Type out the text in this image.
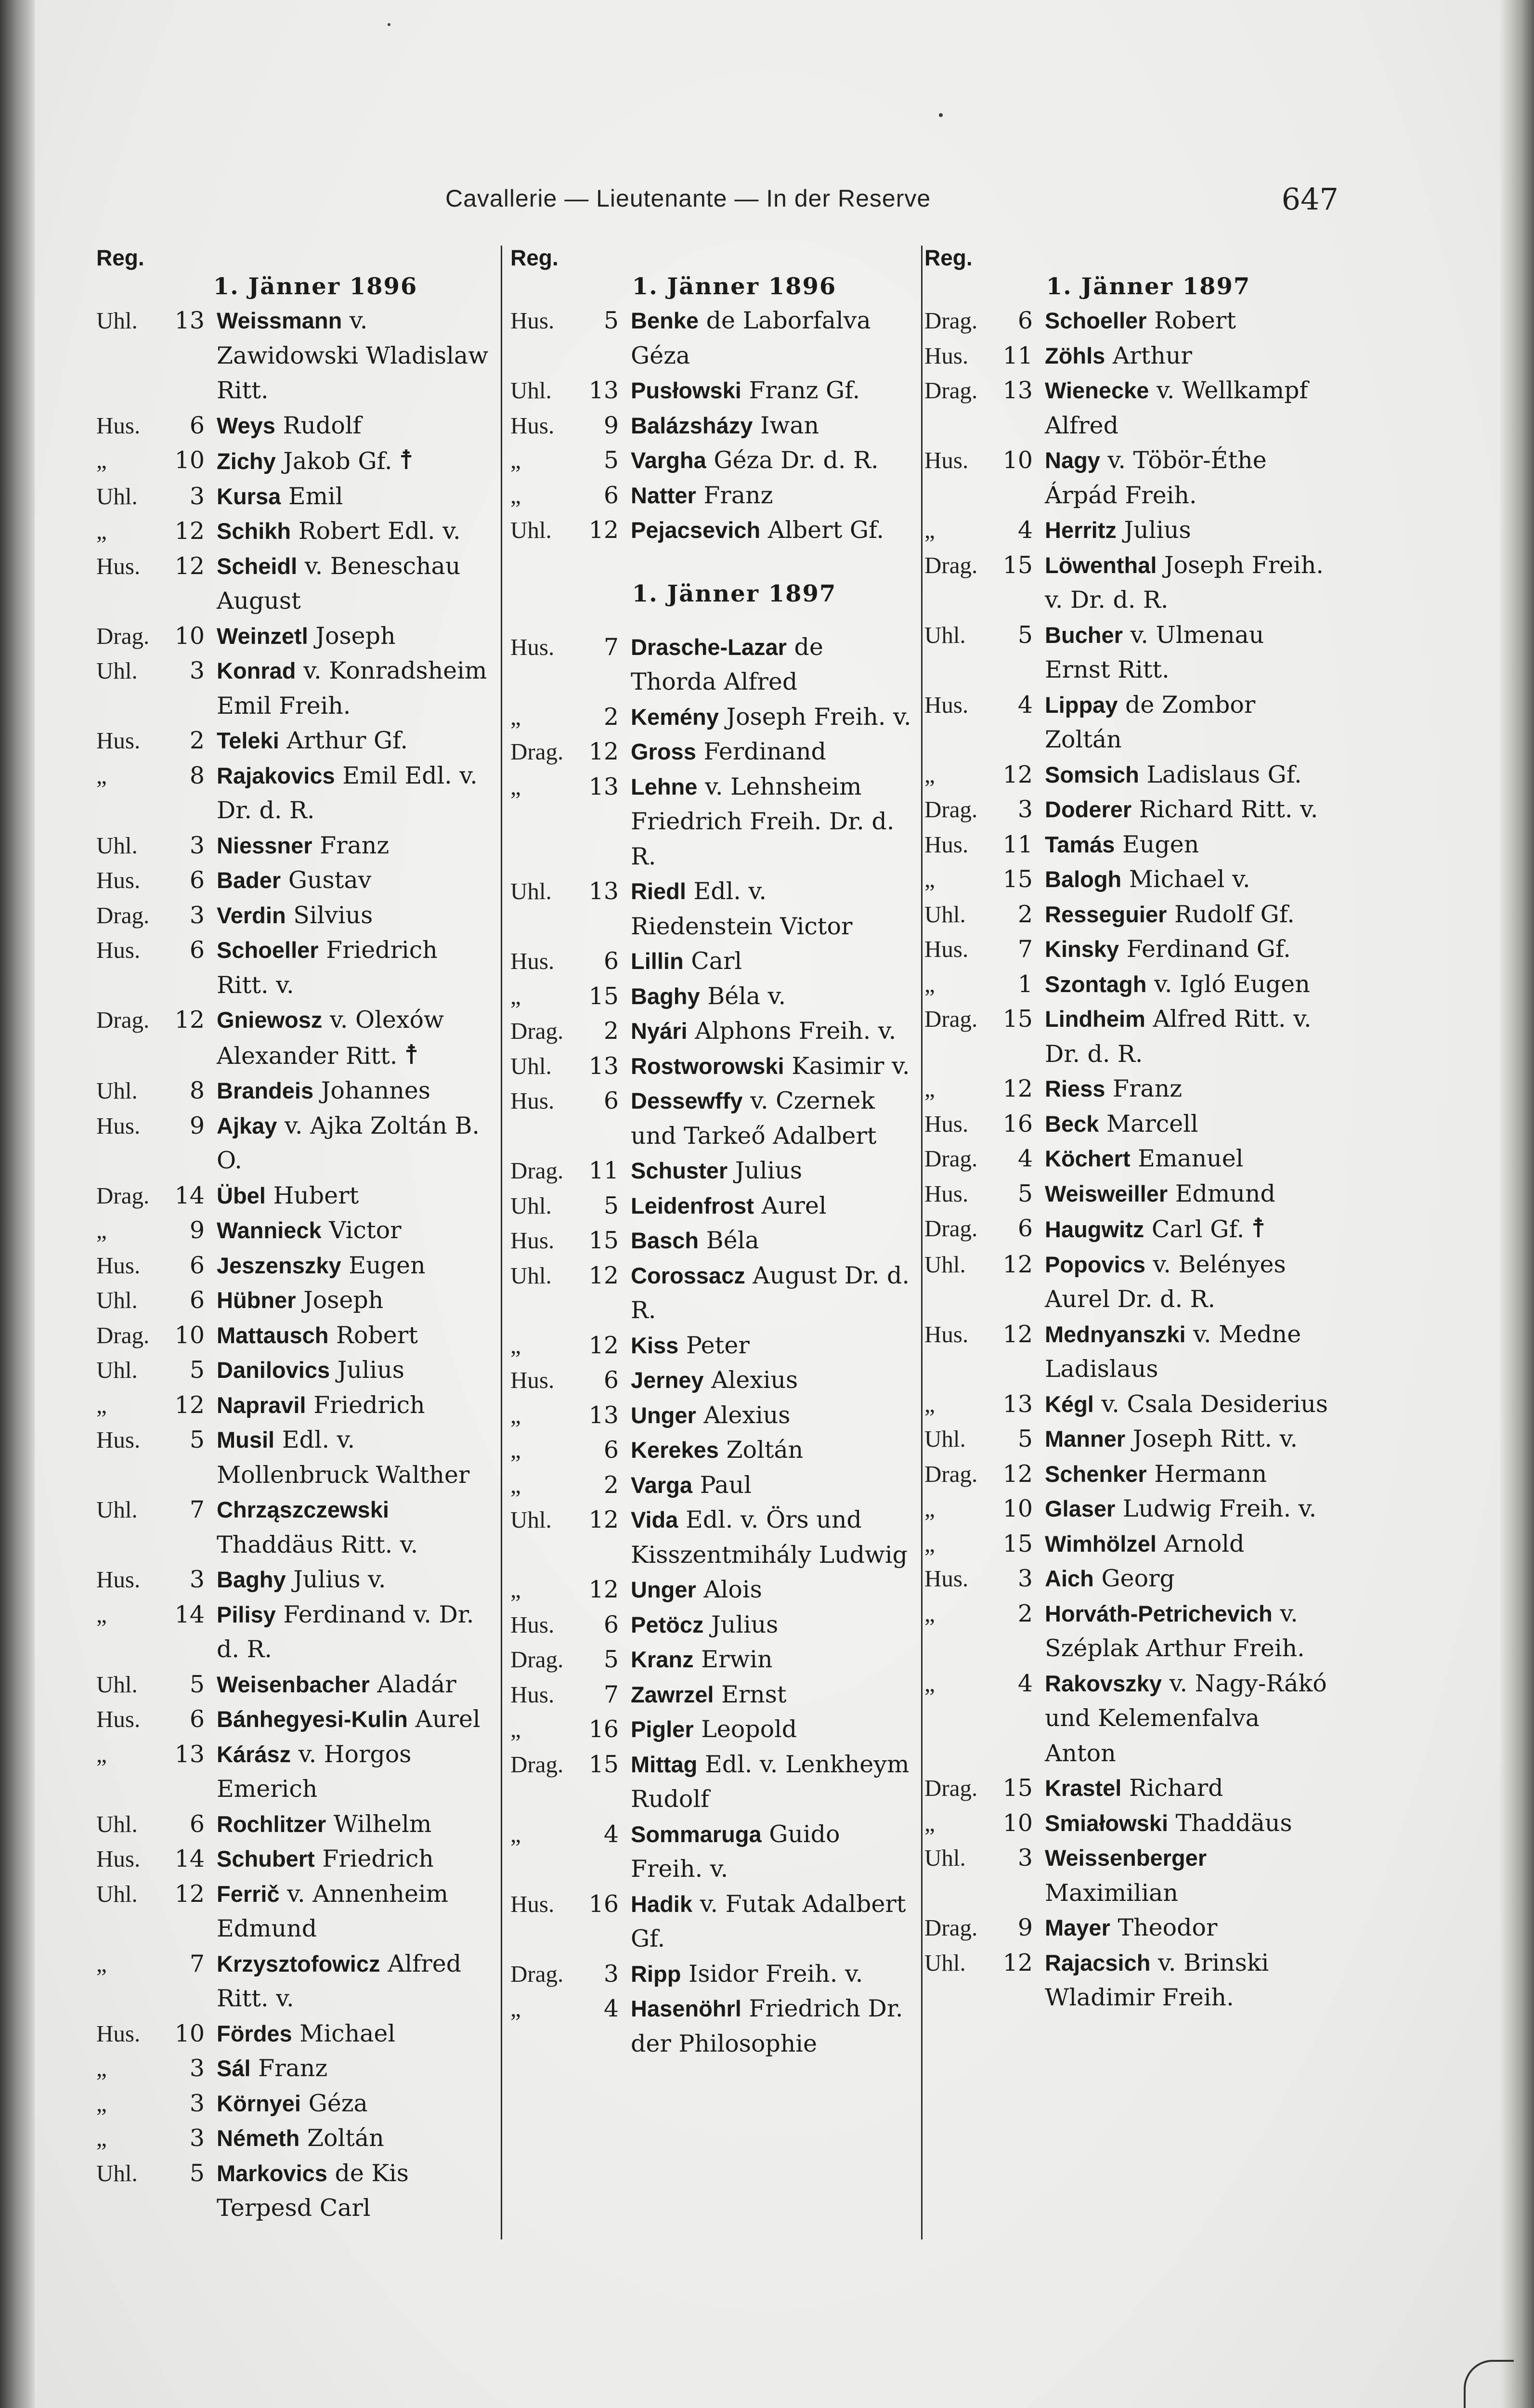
Cavallerie — Lieutenante — In der Reserve	647
Reg.
1. Jänner 1896
Uhl.	13 Weissmann v. Zawidowski Wladislaw Ritt.
Hus.	6 Weys Rudolf
„	10 Zichy Jakob Gf. ☨
Uhl.	3 Kursa Emil
„	12 Schikh Robert Edl. v.
Hus.	12 Scheidl v. Beneschau August
Drag.	10 Weinzetl Joseph
Uhl.	3 Konrad v. Konradsheim Emil Freih.
Hus.	2 Teleki Arthur Gf.
„	8 Rajakovics Emil Edl. v. Dr. d. R.
Uhl.	3 Niessner Franz
Hus.	6 Bader Gustav
Drag.	3 Verdin Silvius
Hus.	6 Schoeller Friedrich Ritt. v.
Drag.	12 Gniewosz v. Olexów Alexander Ritt. ☨
Uhl.	8 Brandeis Johannes
Hus.	9 Ajkay v. Ajka Zoltán B. O.
Drag.	14 Übel Hubert
„	9 Wannieck Victor
Hus.	6 Jeszenszky Eugen
Uhl.	6 Hübner Joseph
Drag.	10 Mattausch Robert
Uhl.	5 Danilovics Julius
„	12 Napravil Friedrich
Hus.	5 Musil Edl. v. Mollenbruck Walther
Uhl.	7 Chrząszczewski Thaddäus Ritt. v.
Hus.	3 Baghy Julius v.
„	14 Pilisy Ferdinand v. Dr. d. R.
Uhl.	5 Weisenbacher Aladár
Hus.	6 Bánhegyesi-Kulin Aurel
„	13 Kárász v. Horgos Emerich
Uhl.	6 Rochlitzer Wilhelm
Hus.	14 Schubert Friedrich
Uhl.	12 Ferrič v. Annenheim Edmund
„	7 Krzysztofowicz Alfred Ritt. v.
Hus.	10 Fördes Michael
„	3 Sál Franz
„	3 Környei Géza
„	3 Németh Zoltán
Uhl.	5 Markovics de Kis Terpesd Carl
Reg.
1. Jänner 1896
Hus.	5 Benke de Laborfalva Géza
Uhl.	13 Pusłowski Franz Gf.
Hus.	9 Balázsházy Iwan
„	5 Vargha Géza Dr. d. R.
„	6 Natter Franz
Uhl.	12 Pejacsevich Albert Gf.
1. Jänner 1897
Hus.	7 Drasche-Lazar de Thorda Alfred
„	2 Kemény Joseph Freih. v.
Drag.	12 Gross Ferdinand
„	13 Lehne v. Lehnsheim Friedrich Freih. Dr. d. R.
Uhl.	13 Riedl Edl. v. Riedenstein Victor
Hus.	6 Lillin Carl
„	15 Baghy Béla v.
Drag.	2 Nyári Alphons Freih. v.
Uhl.	13 Rostworowski Kasimir v.
Hus.	6 Dessewffy v. Czernek und Tarkeő Adalbert
Drag.	11 Schuster Julius
Uhl.	5 Leidenfrost Aurel
Hus.	15 Basch Béla
Uhl.	12 Corossacz August Dr. d. R.
„	12 Kiss Peter
Hus.	6 Jerney Alexius
„	13 Unger Alexius
„	6 Kerekes Zoltán
„	2 Varga Paul
Uhl.	12 Vida Edl. v. Örs und Kisszentmihály Ludwig
„	12 Unger Alois
Hus.	6 Petöcz Julius
Drag.	5 Kranz Erwin
Hus.	7 Zawrzel Ernst
„	16 Pigler Leopold
Drag.	15 Mittag Edl. v. Lenkheym Rudolf
„	4 Sommaruga Guido Freih. v.
Hus.	16 Hadik v. Futak Adalbert Gf.
Drag.	3 Ripp Isidor Freih. v.
„	4 Hasenöhrl Friedrich Dr. der Philosophie
Reg.
1. Jänner 1897
Drag.	6 Schoeller Robert
Hus.	11 Zöhls Arthur
Drag.	13 Wienecke v. Wellkampf Alfred
Hus.	10 Nagy v. Töbör-Éthe Árpád Freih.
„	4 Herritz Julius
Drag.	15 Löwenthal Joseph Freih. v. Dr. d. R.
Uhl.	5 Bucher v. Ulmenau Ernst Ritt.
Hus.	4 Lippay de Zombor Zoltán
„	12 Somsich Ladislaus Gf.
Drag.	3 Doderer Richard Ritt. v.
Hus.	11 Tamás Eugen
„	15 Balogh Michael v.
Uhl.	2 Resseguier Rudolf Gf.
Hus.	7 Kinsky Ferdinand Gf.
„	1 Szontagh v. Igló Eugen
Drag.	15 Lindheim Alfred Ritt. v. Dr. d. R.
„	12 Riess Franz
Hus.	16 Beck Marcell
Drag.	4 Köchert Emanuel
Hus.	5 Weisweiller Edmund
Drag.	6 Haugwitz Carl Gf. ☨
Uhl.	12 Popovics v. Belényes Aurel Dr. d. R.
Hus.	12 Mednyanszki v. Medne Ladislaus
„	13 Kégl v. Csala Desiderius
Uhl.	5 Manner Joseph Ritt. v.
Drag.	12 Schenker Hermann
„	10 Glaser Ludwig Freih. v.
„	15 Wimhölzel Arnold
Hus.	3 Aich Georg
„	2 Horváth-Petrichevich v. Széplak Arthur Freih.
„	4 Rakovszky v. Nagy-Rákó und Kelemenfalva Anton
Drag.	15 Krastel Richard
„	10 Smiałowski Thaddäus
Uhl.	3 Weissenberger Maximilian
Drag.	9 Mayer Theodor
Uhl.	12 Rajacsich v. Brinski Wladimir Freih.
